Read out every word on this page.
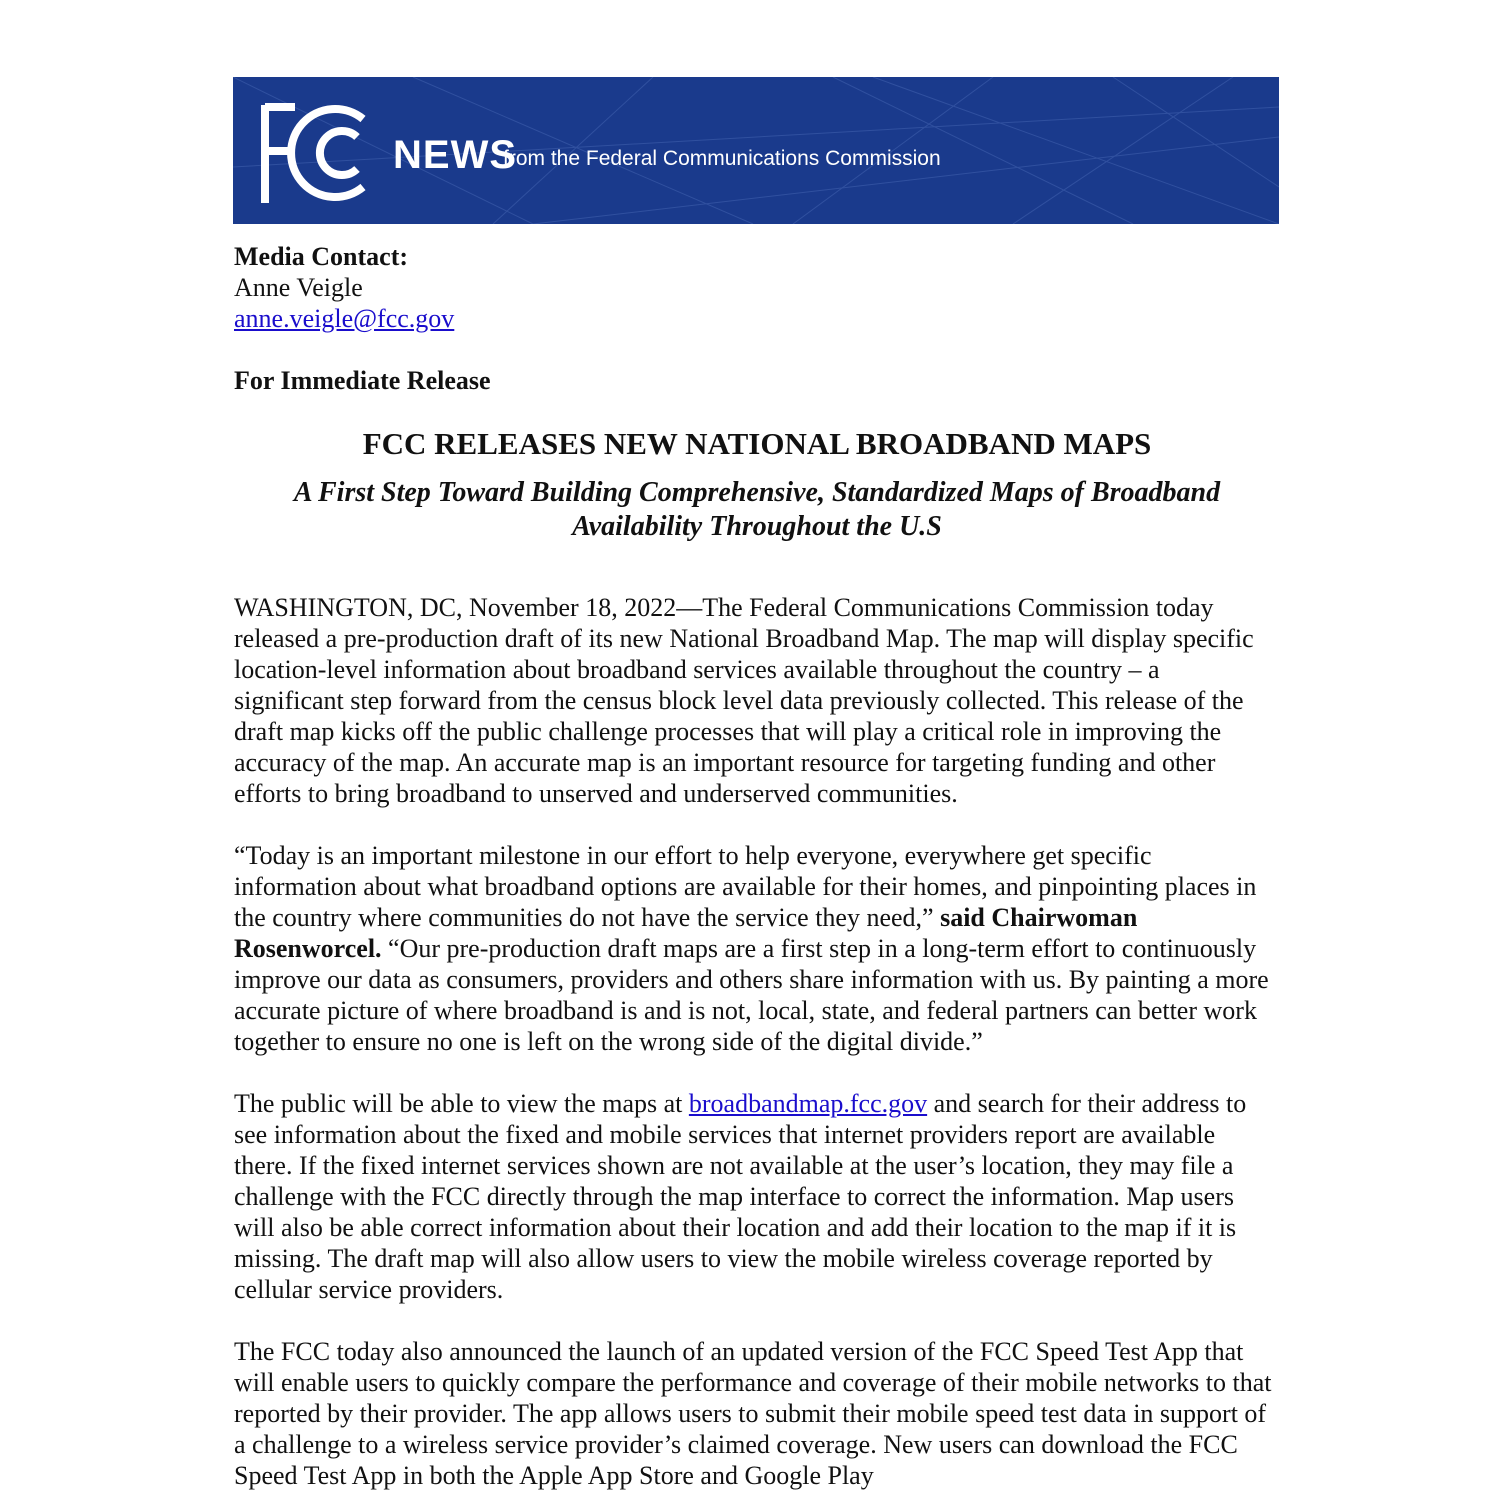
NEWS
from the Federal Communications Commission
Media Contact:
Anne Veigle
anne.veigle@fcc.gov
For Immediate Release
FCC RELEASES NEW NATIONAL BROADBAND MAPS
A First Step Toward Building Comprehensive, Standardized Maps of Broadband Availability Throughout the U.S

WASHINGTON, DC, November 18, 2022—The Federal Communications Commission today released a pre-production draft of its new National Broadband Map. The map will display specific location-level information about broadband services available throughout the country – a significant step forward from the census block level data previously collected. This release of the draft map kicks off the public challenge processes that will play a critical role in improving the accuracy of the map. An accurate map is an important resource for targeting funding and other efforts to bring broadband to unserved and underserved communities.

“Today is an important milestone in our effort to help everyone, everywhere get specific information about what broadband options are available for their homes, and pinpointing places in the country where communities do not have the service they need,” said Chairwoman Rosenworcel. “Our pre-production draft maps are a first step in a long-term effort to continuously improve our data as consumers, providers and others share information with us. By painting a more accurate picture of where broadband is and is not, local, state, and federal partners can better work together to ensure no one is left on the wrong side of the digital divide.”

The public will be able to view the maps at broadbandmap.fcc.gov and search for their address to see information about the fixed and mobile services that internet providers report are available there. If the fixed internet services shown are not available at the user’s location, they may file a challenge with the FCC directly through the map interface to correct the information. Map users will also be able correct information about their location and add their location to the map if it is missing. The draft map will also allow users to view the mobile wireless coverage reported by cellular service providers.

The FCC today also announced the launch of an updated version of the FCC Speed Test App that will enable users to quickly compare the performance and coverage of their mobile networks to that reported by their provider. The app allows users to submit their mobile speed test data in support of a challenge to a wireless service provider’s claimed coverage. New users can download the FCC Speed Test App in both the Apple App Store and Google Play
